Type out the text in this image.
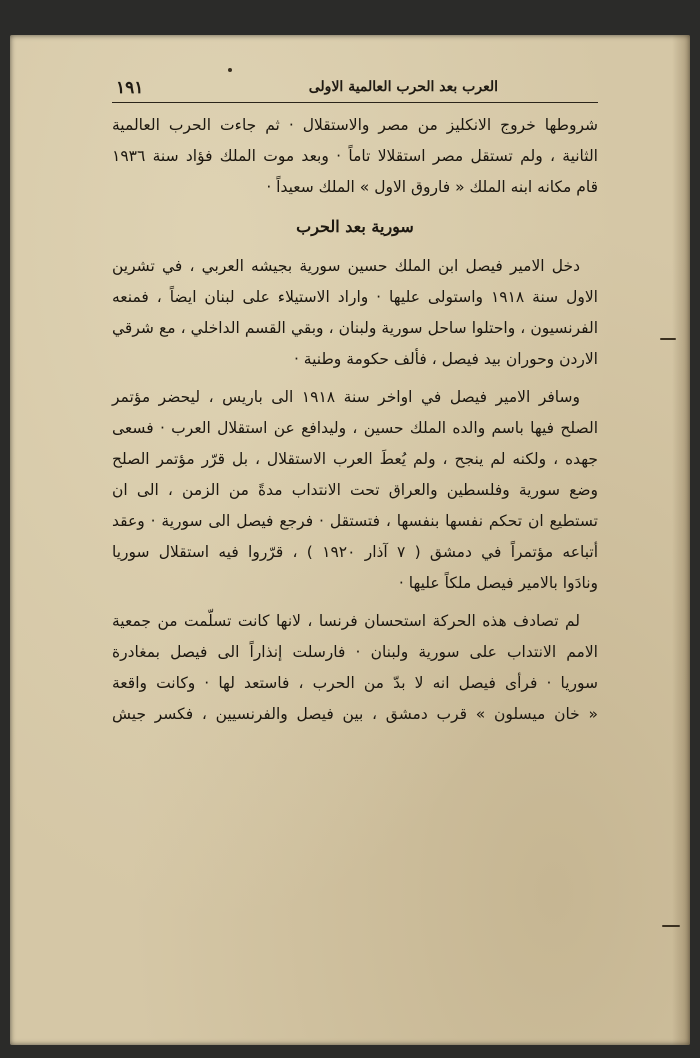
العرب بعد الحرب العالمية الاولى
١٩١
شروطها خروج الانكليز من مصر والاستقلال · ثم جاءت الحرب العالمية
الثانية ، ولم تستقل مصر استقلالا تاماً · وبعد موت الملك فؤاد سنة ١٩٣٦
قام مكانه ابنه الملك « فاروق الاول » الملك سعيداً ·
سورية بعد الحرب
دخل الامير فيصل ابن الملك حسين سورية بجيشه العربي ، في تشرين
الاول سنة ١٩١٨ واستولى عليها · واراد الاستيلاء على لبنان ايضاً ، فمنعه
الفرنسيون ، واحتلوا ساحل سورية ولبنان ، وبقي القسم الداخلي ، مع شرقي
الاردن وحوران بيد فيصل ، فألف حكومة وطنية ·
وسافر الامير فيصل في اواخر سنة ١٩١٨ الى باريس ، ليحضر مؤتمر
الصلح فيها باسم والده الملك حسين ، وليدافع عن استقلال العرب · فسعى
جهده ، ولكنه لم ينجح ، ولم يُعطَ العرب الاستقلال ، بل قرّر مؤتمر الصلح
وضع سورية وفلسطين والعراق تحت الانتداب مدةً من الزمن ، الى ان
تستطيع ان تحكم نفسها بنفسها ، فتستقل · فرجع فيصل الى سورية · وعقد
أتباعه مؤتمراً في دمشق ( ٧ آذار ١٩٢٠ ) ، قرّروا فيه استقلال سوريا
ونادَوا بالامير فيصل ملكاً عليها ·
لم تصادف هذه الحركة استحسان فرنسا ، لانها كانت تسلّمت من جمعية
الامم الانتداب على سورية ولبنان · فارسلت إنذاراً الى فيصل بمغادرة
سوريا · فرأى فيصل انه لا بدّ من الحرب ، فاستعد لها · وكانت واقعة
« خان ميسلون » قرب دمشق ، بين فيصل والفرنسيين ، فكسر جيش
